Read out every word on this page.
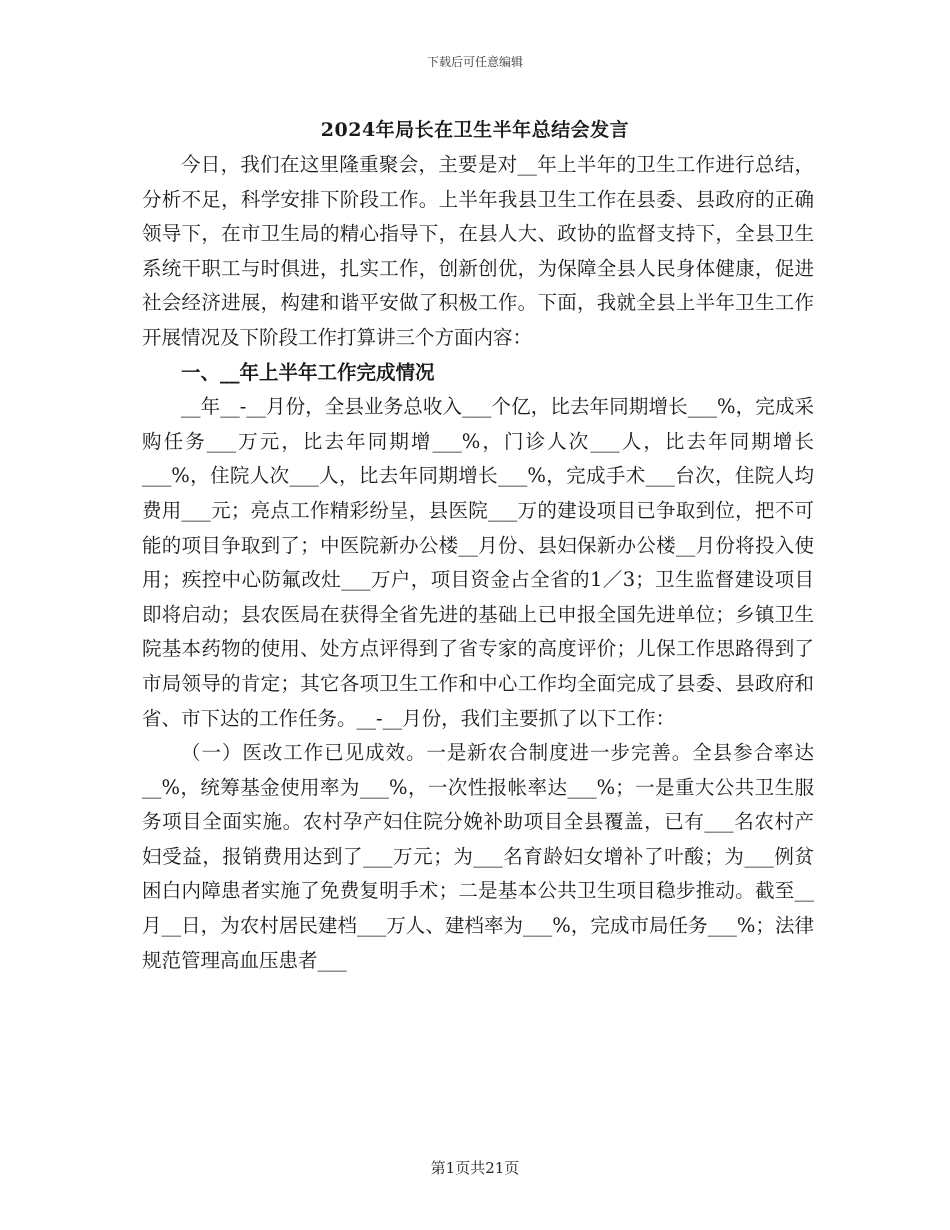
下载后可任意编辑
2024年局长在卫生半年总结会发言

今日，我们在这里隆重聚会，主要是对__年上半年的卫生工作进行总结，分析不足，科学安排下阶段工作。上半年我县卫生工作在县委、县政府的正确领导下，在市卫生局的精心指导下，在县人大、政协的监督支持下，全县卫生系统干职工与时俱进，扎实工作，创新创优，为保障全县人民身体健康，促进社会经济进展，构建和谐平安做了积极工作。下面，我就全县上半年卫生工作开展情况及下阶段工作打算讲三个方面内容：

一、__年上半年工作完成情况

__年__-__月份，全县业务总收入___个亿，比去年同期增长___%，完成采购任务___万元，比去年同期增___%，门诊人次___人，比去年同期增长___%，住院人次___人，比去年同期增长___%，完成手术___台次，住院人均费用___元；亮点工作精彩纷呈，县医院___万的建设项目已争取到位，把不可能的项目争取到了；中医院新办公楼__月份、县妇保新办公楼__月份将投入使用；疾控中心防氟改灶___万户，项目资金占全省的1／3；卫生监督建设项目即将启动；县农医局在获得全省先进的基础上已申报全国先进单位；乡镇卫生院基本药物的使用、处方点评得到了省专家的高度评价；儿保工作思路得到了市局领导的肯定；其它各项卫生工作和中心工作均全面完成了县委、县政府和省、市下达的工作任务。__-__月份，我们主要抓了以下工作：

（一）医改工作已见成效。一是新农合制度进一步完善。全县参合率达__%，统筹基金使用率为___%，一次性报帐率达___%；一是重大公共卫生服务项目全面实施。农村孕产妇住院分娩补助项目全县覆盖，已有___名农村产妇受益，报销费用达到了___万元；为___名育龄妇女增补了叶酸；为___例贫困白内障患者实施了免费复明手术；二是基本公共卫生项目稳步推动。截至__月__日，为农村居民建档___万人、建档率为___%，完成市局任务___%；法律规范管理高血压患者___

第1页共21页
